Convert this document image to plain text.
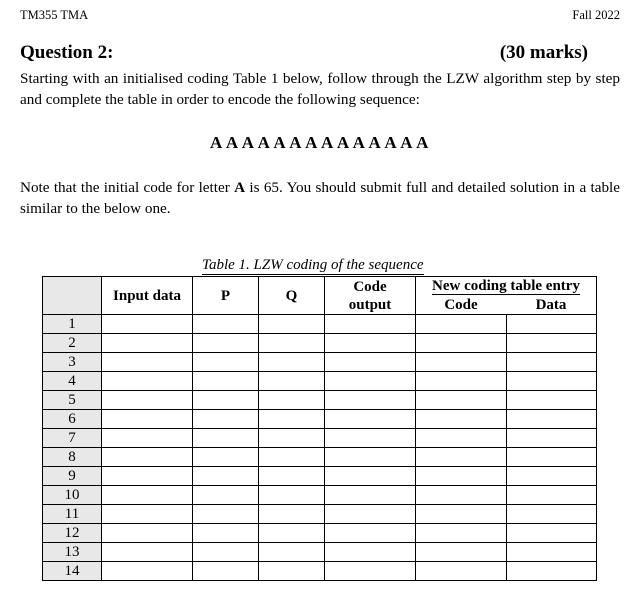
TM355 TMA	Fall 2022
Question 2:	(30 marks)
Starting with an initialised coding Table 1 below, follow through the LZW algorithm step by step and complete the table in order to encode the following sequence:
A A A A A A A A A A A A A A
Note that the initial code for letter A is 65. You should submit full and detailed solution in a table similar to the below one.
Table 1. LZW coding of the sequence
	Input data	P	Q	Code
output	New coding table entry	
					Code	Data
1						
2						
3						
4						
5						
6						
7						
8						
9						
10						
11						
12						
13						
14						
